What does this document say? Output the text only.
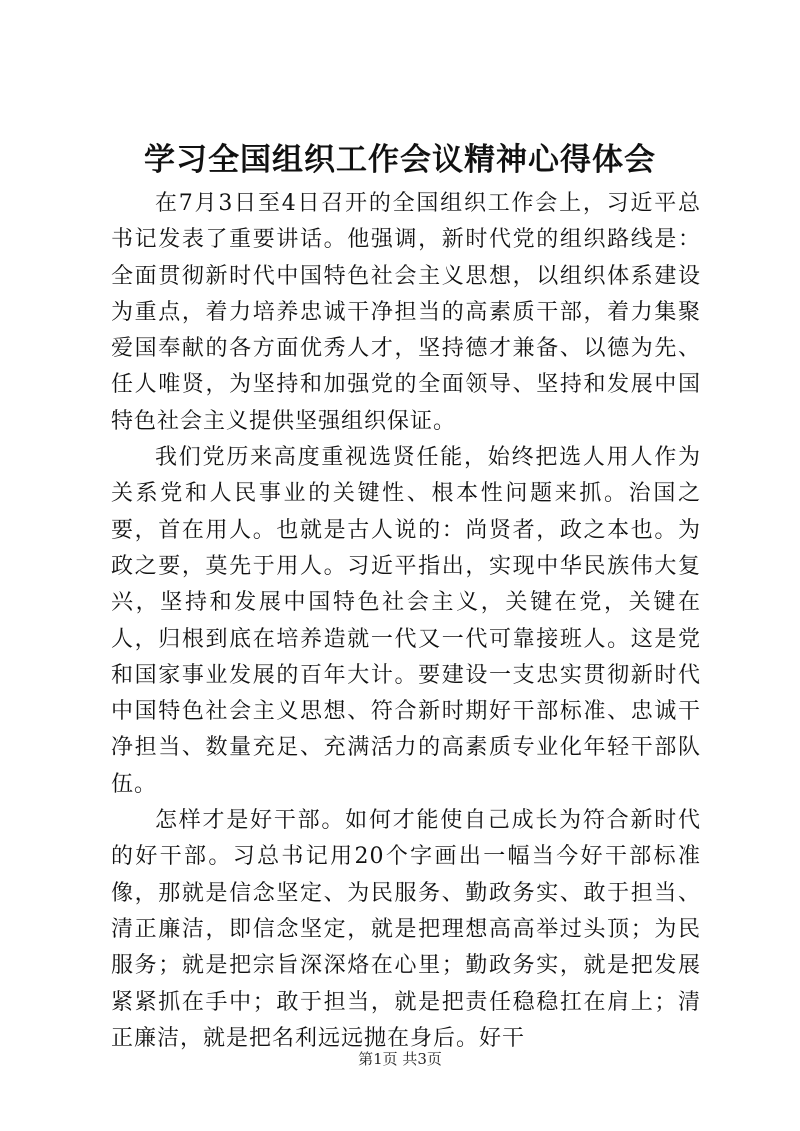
学习全国组织工作会议精神心得体会

在7月3日至4日召开的全国组织工作会上，习近平总书记发表了重要讲话。他强调，新时代党的组织路线是：全面贯彻新时代中国特色社会主义思想，以组织体系建设为重点，着力培养忠诚干净担当的高素质干部，着力集聚爱国奉献的各方面优秀人才，坚持德才兼备、以德为先、任人唯贤，为坚持和加强党的全面领导、坚持和发展中国特色社会主义提供坚强组织保证。

我们党历来高度重视选贤任能，始终把选人用人作为关系党和人民事业的关键性、根本性问题来抓。治国之要，首在用人。也就是古人说的：尚贤者，政之本也。为政之要，莫先于用人。习近平指出，实现中华民族伟大复兴，坚持和发展中国特色社会主义，关键在党，关键在人，归根到底在培养造就一代又一代可靠接班人。这是党和国家事业发展的百年大计。要建设一支忠实贯彻新时代中国特色社会主义思想、符合新时期好干部标准、忠诚干净担当、数量充足、充满活力的高素质专业化年轻干部队伍。

怎样才是好干部。如何才能使自己成长为符合新时代的好干部。习总书记用20个字画出一幅当今好干部标准像，那就是信念坚定、为民服务、勤政务实、敢于担当、清正廉洁，即信念坚定，就是把理想高高举过头顶；为民服务；就是把宗旨深深烙在心里；勤政务实，就是把发展紧紧抓在手中；敢于担当，就是把责任稳稳扛在肩上；清正廉洁，就是把名利远远抛在身后。好干

第1页 共3页
